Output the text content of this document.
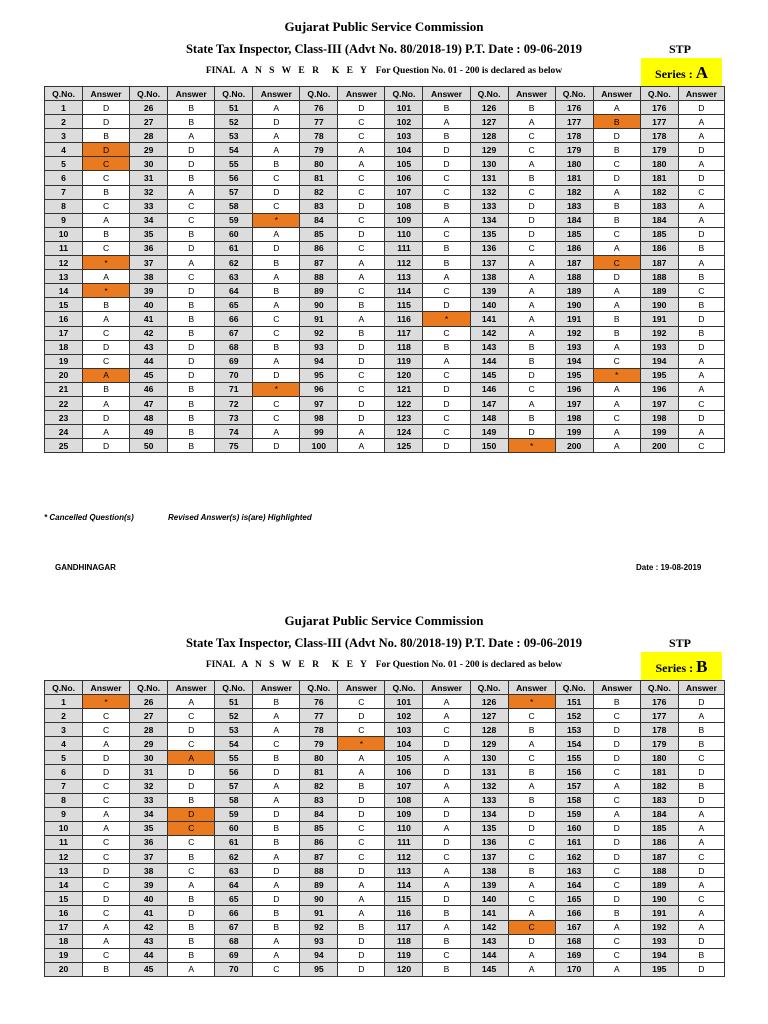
Gujarat Public Service Commission
State Tax Inspector, Class-III (Advt No. 80/2018-19) P.T. Date : 09-06-2019	STP
FINAL A N S W E R K E Y For Question No. 01 - 200 is declared as below	Series : A
Q.No.	Answer	Q.No.	Answer	Q.No.	Answer	Q.No.	Answer	Q.No.	Answer	Q.No.	Answer	Q.No.	Answer	Q.No.	Answer
1	D	26	B	51	A	76	D	101	B	126	B	176	A	176	D
2	D	27	B	52	D	77	C	102	A	127	A	177	B	177	A
3	B	28	A	53	A	78	C	103	B	128	C	178	D	178	A
4	D	29	D	54	A	79	A	104	D	129	C	179	B	179	D
5	C	30	D	55	B	80	A	105	D	130	A	180	C	180	A
6	C	31	B	56	C	81	C	106	C	131	B	181	D	181	D
7	B	32	A	57	D	82	C	107	C	132	C	182	A	182	C
8	C	33	C	58	C	83	D	108	B	133	D	183	B	183	A
9	A	34	C	59	*	84	C	109	A	134	D	184	B	184	A
10	B	35	B	60	A	85	D	110	C	135	D	185	C	185	D
11	C	36	D	61	D	86	C	111	B	136	C	186	A	186	B
12	*	37	A	62	B	87	A	112	B	137	A	187	C	187	A
13	A	38	C	63	A	88	A	113	A	138	A	188	D	188	B
14	*	39	D	64	B	89	C	114	C	139	A	189	A	189	C
15	B	40	B	65	A	90	B	115	D	140	A	190	A	190	B
16	A	41	B	66	C	91	A	116	*	141	A	191	B	191	D
17	C	42	B	67	C	92	B	117	C	142	A	192	B	192	B
18	D	43	D	68	B	93	D	118	B	143	B	193	A	193	D
19	C	44	D	69	A	94	D	119	A	144	B	194	C	194	A
20	A	45	D	70	D	95	C	120	C	145	D	195	*	195	A
21	B	46	B	71	*	96	C	121	D	146	C	196	A	196	A
22	A	47	B	72	C	97	D	122	D	147	A	197	A	197	C
23	D	48	B	73	C	98	D	123	C	148	B	198	C	198	D
24	A	49	B	74	A	99	A	124	C	149	D	199	A	199	A
25	D	50	B	75	D	100	A	125	D	150	*	200	A	200	C
* Cancelled Question(s)	Revised Answer(s) is(are) Highlighted
GANDHINAGAR	Date : 19-08-2019
Gujarat Public Service Commission
State Tax Inspector, Class-III (Advt No. 80/2018-19) P.T. Date : 09-06-2019	STP
FINAL A N S W E R K E Y For Question No. 01 - 200 is declared as below	Series : B
Q.No.	Answer	Q.No.	Answer	Q.No.	Answer	Q.No.	Answer	Q.No.	Answer	Q.No.	Answer	Q.No.	Answer	Q.No.	Answer
1	*	26	A	51	B	76	C	101	A	126	*	151	B	176	D
2	C	27	C	52	A	77	D	102	A	127	C	152	C	177	A
3	C	28	D	53	A	78	C	103	C	128	B	153	D	178	B
4	A	29	C	54	C	79	*	104	D	129	A	154	D	179	B
5	D	30	A	55	B	80	A	105	A	130	C	155	D	180	C
6	D	31	D	56	D	81	A	106	D	131	B	156	C	181	D
7	C	32	D	57	A	82	B	107	A	132	A	157	A	182	B
8	C	33	B	58	A	83	D	108	A	133	B	158	C	183	D
9	A	34	D	59	D	84	D	109	D	134	D	159	A	184	A
10	A	35	C	60	B	85	C	110	A	135	D	160	D	185	A
11	C	36	C	61	B	86	C	111	D	136	C	161	D	186	A
12	C	37	B	62	A	87	C	112	C	137	C	162	D	187	C
13	D	38	C	63	D	88	D	113	A	138	B	163	C	188	D
14	C	39	A	64	A	89	A	114	A	139	A	164	C	189	A
15	D	40	B	65	D	90	A	115	D	140	C	165	D	190	C
16	C	41	D	66	B	91	A	116	B	141	A	166	B	191	A
17	A	42	B	67	B	92	B	117	A	142	C	167	A	192	A
18	A	43	B	68	A	93	D	118	B	143	D	168	C	193	D
19	C	44	B	69	A	94	D	119	C	144	A	169	C	194	B
20	B	45	A	70	C	95	D	120	B	145	A	170	A	195	D
